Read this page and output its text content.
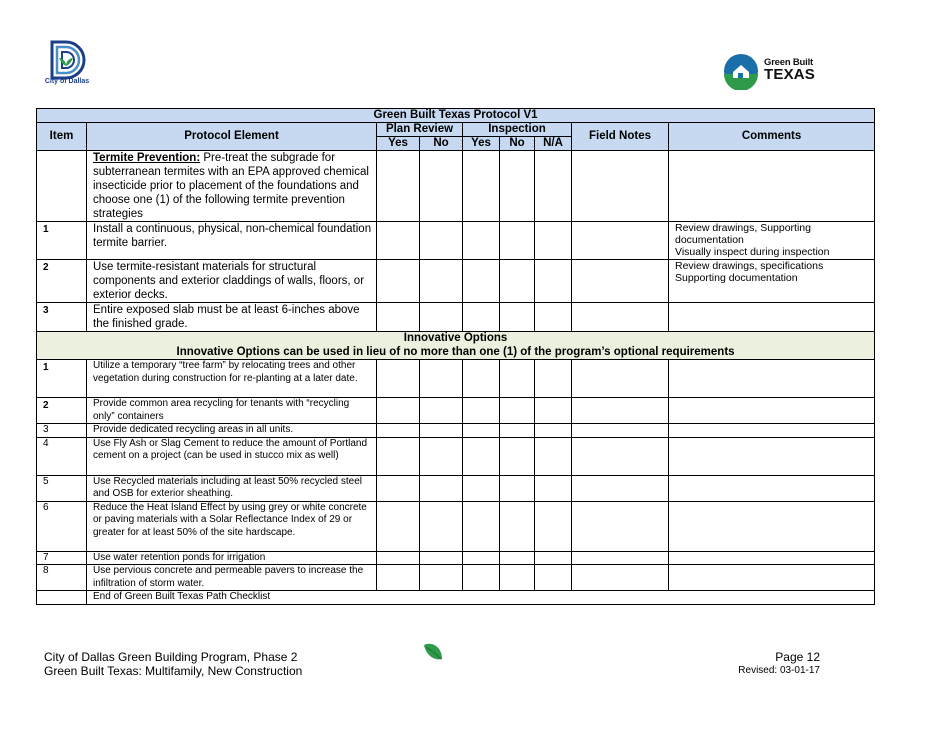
City of Dallas
Green Built
TEXAS
Green Built Texas Protocol V1								
Item	Protocol Element	Plan Review		Inspection			Field Notes	Comments
		Yes	No	Yes	No	N/A		
	Termite Prevention: Pre-treat the subgrade for subterranean termites with an EPA approved chemical insecticide prior to placement of the foundations and choose one (1) of the following termite prevention strategies							
1	Install a continuous, physical, non-chemical foundation termite barrier.							Review drawings, Supporting documentation
Visually inspect during inspection
2	Use termite-resistant materials for structural components and exterior claddings of walls, floors, or exterior decks.							Review drawings, specifications
Supporting documentation
3	Entire exposed slab must be at least 6-inches above the finished grade.							

Innovative Options
Innovative Options can be used in lieu of no more than one (1) of the program’s optional requirements								

1	Utilize a temporary “tree farm” by relocating trees and other vegetation during construction for re-planting at a later date.							
2	Provide common area recycling for tenants with “recycling only” containers							
3	Provide dedicated recycling areas in all units.							
4	Use Fly Ash or Slag Cement to reduce the amount of Portland cement on a project (can be used in stucco mix as well)							
5	Use Recycled materials including at least 50% recycled steel and OSB for exterior sheathing.							
6	Reduce the Heat Island Effect by using grey or white concrete or paving materials with a Solar Reflectance Index of 29 or greater for at least 50% of the site hardscape.							
7	Use water retention ponds for irrigation							
8	Use pervious concrete and permeable pavers to increase the infiltration of storm water.							
	End of Green Built Texas Path Checklist							
City of Dallas Green Building Program, Phase 2
Green Built Texas: Multifamily, New Construction
Page 12
Revised: 03-01-17
